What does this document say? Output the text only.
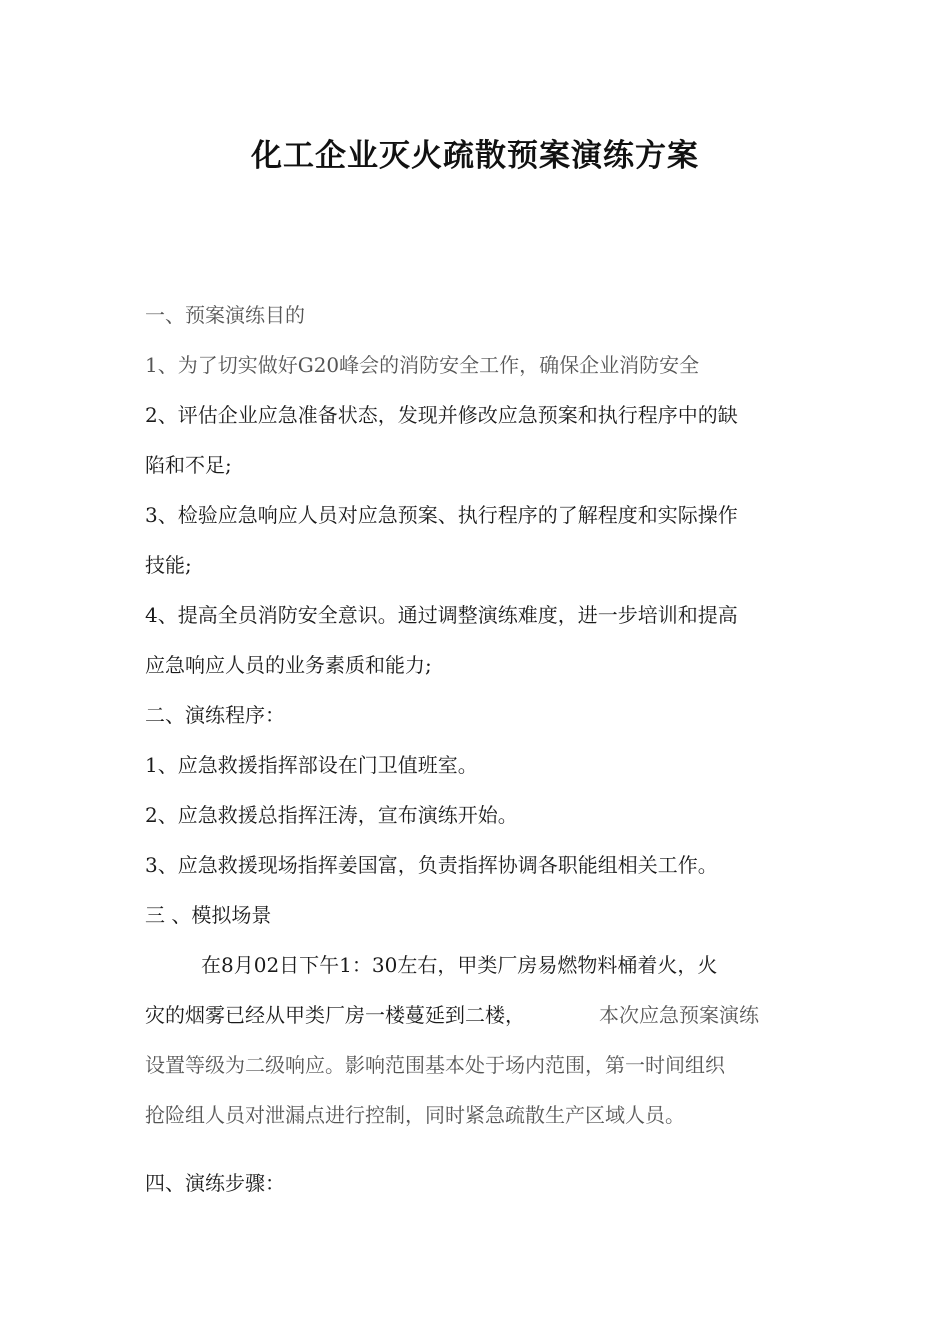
化工企业灭火疏散预案演练方案
一、预案演练目的
1、为了切实做好G20峰会的消防安全工作，确保企业消防安全
2、评估企业应急准备状态，发现并修改应急预案和执行程序中的缺
陷和不足;
3、检验应急响应人员对应急预案、执行程序的了解程度和实际操作
技能;
4、提高全员消防安全意识。通过调整演练难度，进一步培训和提高
应急响应人员的业务素质和能力;
二、演练程序：
1、应急救援指挥部设在门卫值班室。
2、应急救援总指挥汪涛，宣布演练开始。
3、应急救援现场指挥姜国富，负责指挥协调各职能组相关工作。
三 、模拟场景
在8月02日下午1：30左右，甲类厂房易燃物料桶着火，火
灾的烟雾已经从甲类厂房一楼蔓延到二楼，	本次应急预案演练
设置等级为二级响应。影响范围基本处于场内范围，第一时间组织
抢险组人员对泄漏点进行控制，同时紧急疏散生产区域人员。
四、演练步骤：
